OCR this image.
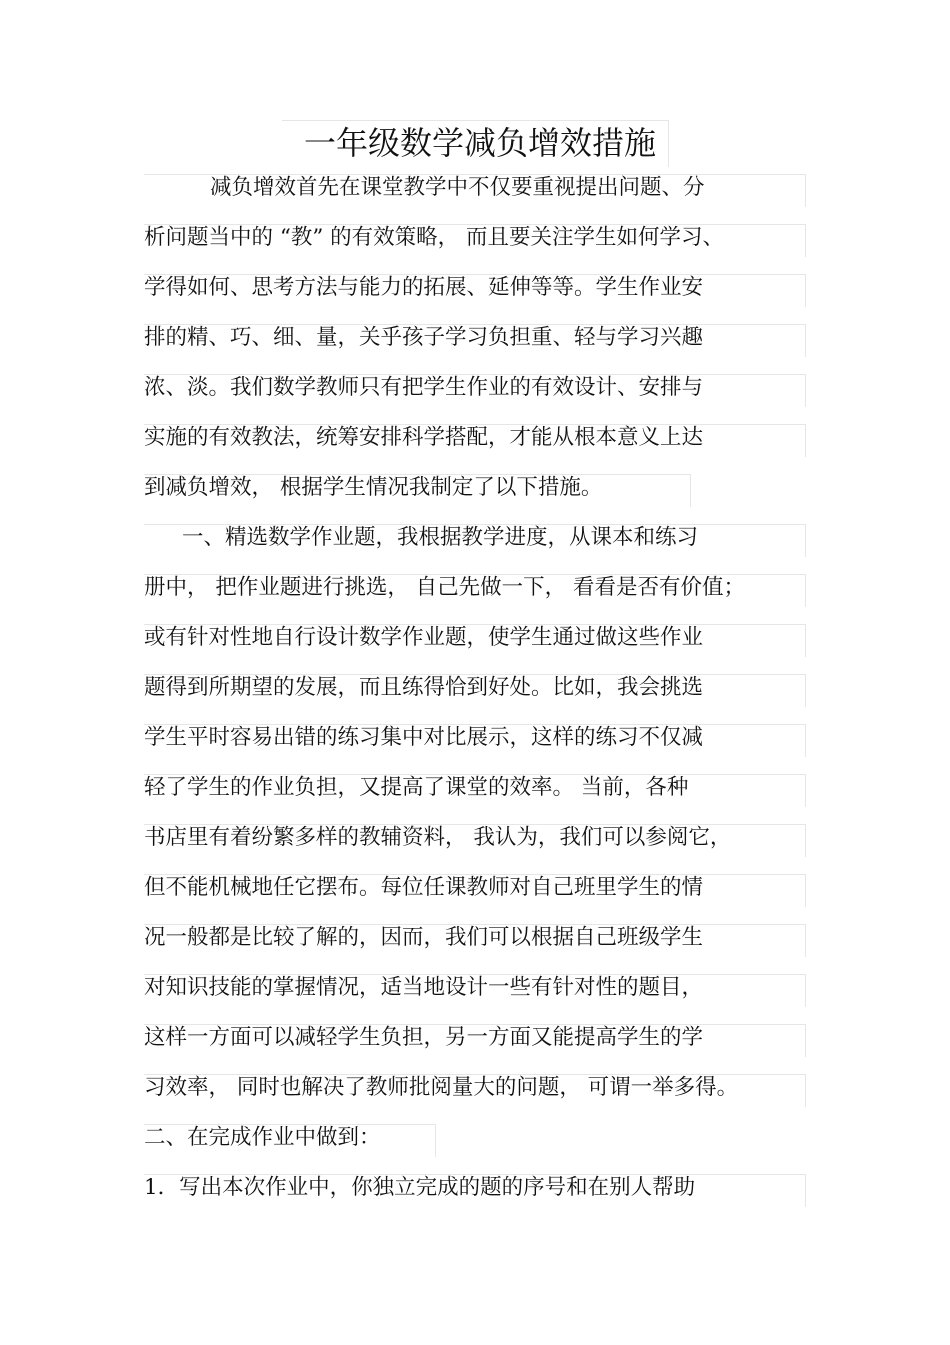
一年级数学减负增效措施
减负增效首先在课堂教学中不仅要重视提出问题、分
析问题当中的 “教” 的有效策略， 而且要关注学生如何学习、
学得如何、思考方法与能力的拓展、延伸等等。学生作业安
排的精、巧、细、量，关乎孩子学习负担重、轻与学习兴趣
浓、淡。我们数学教师只有把学生作业的有效设计、安排与
实施的有效教法，统筹安排科学搭配，才能从根本意义上达
到减负增效， 根据学生情况我制定了以下措施。
一、精选数学作业题，我根据教学进度，从课本和练习
册中， 把作业题进行挑选， 自己先做一下， 看看是否有价值；
或有针对性地自行设计数学作业题，使学生通过做这些作业
题得到所期望的发展，而且练得恰到好处。比如，我会挑选
学生平时容易出错的练习集中对比展示，这样的练习不仅减
轻了学生的作业负担，又提高了课堂的效率。 当前，各种
书店里有着纷繁多样的教辅资料， 我认为，我们可以参阅它，
但不能机械地任它摆布。每位任课教师对自己班里学生的情
况一般都是比较了解的，因而，我们可以根据自己班级学生
对知识技能的掌握情况，适当地设计一些有针对性的题目，
这样一方面可以减轻学生负担，另一方面又能提高学生的学
习效率， 同时也解决了教师批阅量大的问题， 可谓一举多得。
二、在完成作业中做到：
1．写出本次作业中，你独立完成的题的序号和在别人帮助
